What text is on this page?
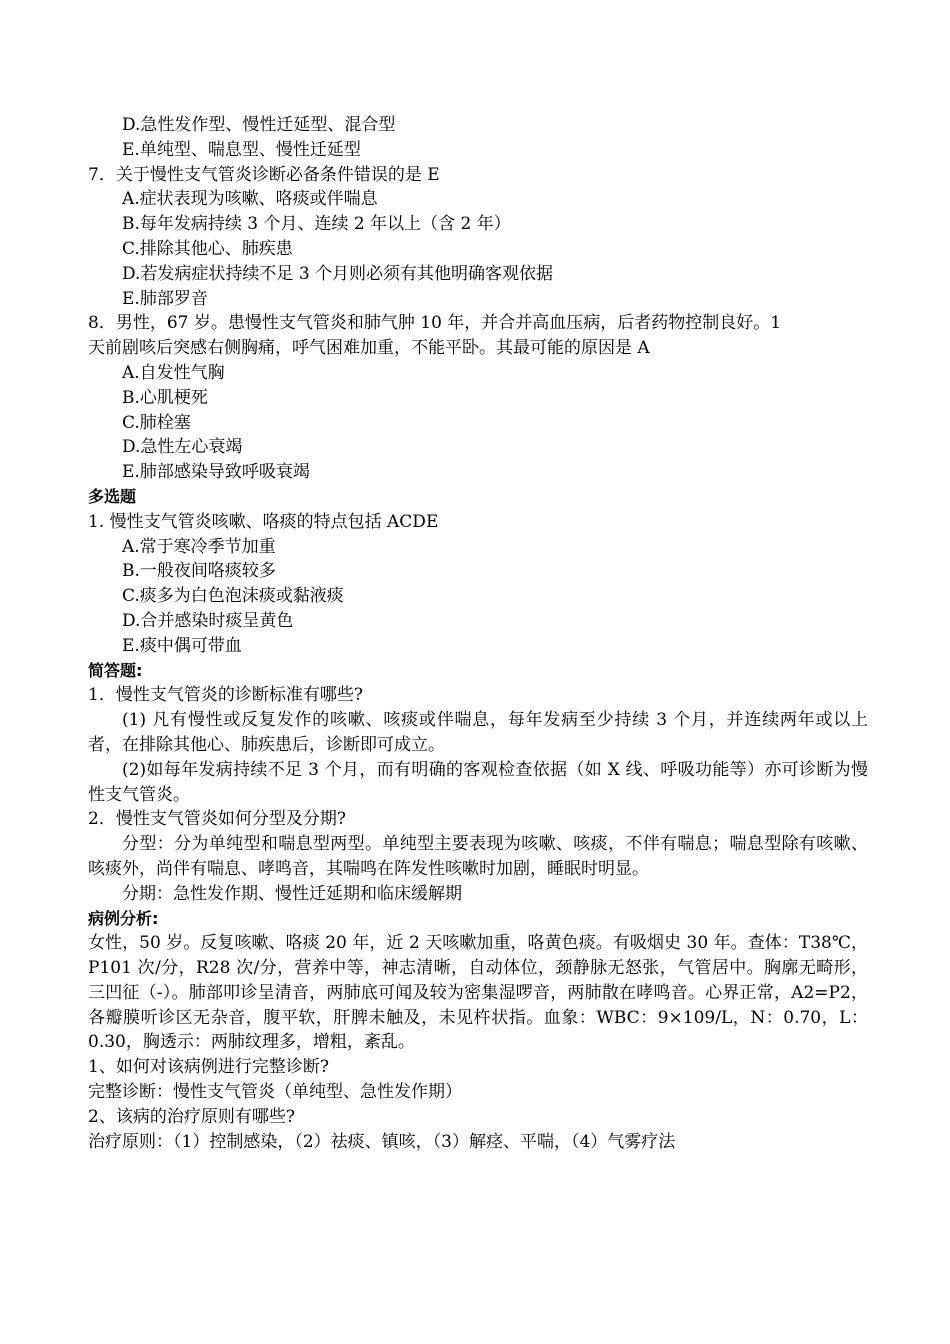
D.急性发作型、慢性迁延型、混合型
E.单纯型、喘息型、慢性迁延型
7．关于慢性支气管炎诊断必备条件错误的是 E
A.症状表现为咳嗽、咯痰或伴喘息
B.每年发病持续 3 个月、连续 2 年以上（含 2 年）
C.排除其他心、肺疾患
D.若发病症状持续不足 3 个月则必须有其他明确客观依据
E.肺部罗音
8．男性，67 岁。患慢性支气管炎和肺气肿 10 年，并合并高血压病，后者药物控制良好。1
天前剧咳后突感右侧胸痛，呼气困难加重，不能平卧。其最可能的原因是 A
A.自发性气胸
B.心肌梗死
C.肺栓塞
D.急性左心衰竭
E.肺部感染导致呼吸衰竭
多选题
1. 慢性支气管炎咳嗽、咯痰的特点包括 ACDE
A.常于寒冷季节加重
B.一般夜间咯痰较多
C.痰多为白色泡沫痰或黏液痰
D.合并感染时痰呈黄色
E.痰中偶可带血
简答题:
1．慢性支气管炎的诊断标准有哪些?
(1) 凡有慢性或反复发作的咳嗽、咳痰或伴喘息，每年发病至少持续 3 个月，并连续两年或以上者，在排除其他心、肺疾患后，诊断即可成立。
(2)如每年发病持续不足 3 个月，而有明确的客观检查依据（如 X 线、呼吸功能等）亦可诊断为慢性支气管炎。
2．慢性支气管炎如何分型及分期?
分型：分为单纯型和喘息型两型。单纯型主要表现为咳嗽、咳痰，不伴有喘息；喘息型除有咳嗽、咳痰外，尚伴有喘息、哮鸣音，其喘鸣在阵发性咳嗽时加剧，睡眠时明显。
分期：急性发作期、慢性迁延期和临床缓解期
病例分析:
女性，50 岁。反复咳嗽、咯痰 20 年，近 2 天咳嗽加重，咯黄色痰。有吸烟史 30 年。查体：T38℃，P101 次/分，R28 次/分，营养中等，神志清晰，自动体位，颈静脉无怒张，气管居中。胸廓无畸形，三凹征（-）。肺部叩诊呈清音，两肺底可闻及较为密集湿啰音，两肺散在哮鸣音。心界正常，A2=P2，各瓣膜听诊区无杂音，腹平软，肝脾未触及，未见杵状指。血象：WBC：9×109/L，N：0.70，L：0.30，胸透示：两肺纹理多，增粗，紊乱。
1、如何对该病例进行完整诊断?
完整诊断：慢性支气管炎（单纯型、急性发作期）
2、该病的治疗原则有哪些?
治疗原则：（1）控制感染，（2）祛痰、镇咳，（3）解痉、平喘，（4）气雾疗法
